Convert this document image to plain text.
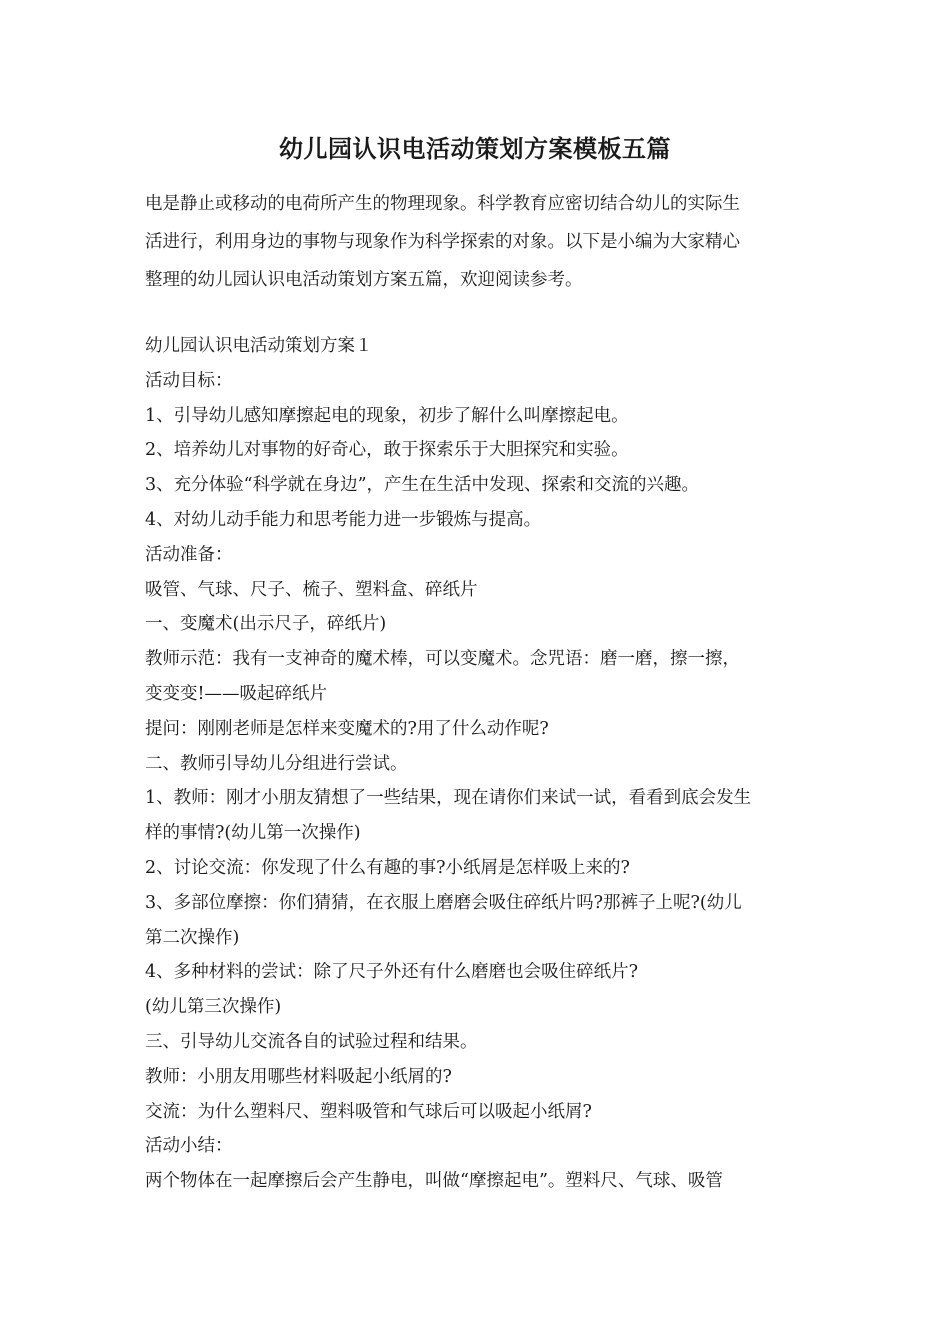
幼儿园认识电活动策划方案模板五篇
电是静止或移动的电荷所产生的物理现象。科学教育应密切结合幼儿的实际生
活进行，利用身边的事物与现象作为科学探索的对象。以下是小编为大家精心
整理的幼儿园认识电活动策划方案五篇，欢迎阅读参考。
幼儿园认识电活动策划方案１
活动目标：
1、引导幼儿感知摩擦起电的现象，初步了解什么叫摩擦起电。
2、培养幼儿对事物的好奇心，敢于探索乐于大胆探究和实验。
3、充分体验“科学就在身边”，产生在生活中发现、探索和交流的兴趣。
4、对幼儿动手能力和思考能力进一步锻炼与提高。
活动准备：
吸管、气球、尺子、梳子、塑料盒、碎纸片
一、变魔术(出示尺子，碎纸片)
教师示范：我有一支神奇的魔术棒，可以变魔术。念咒语：磨一磨，擦一擦，
变变变!——吸起碎纸片
提问：刚刚老师是怎样来变魔术的?用了什么动作呢?
二、教师引导幼儿分组进行尝试。
1、教师：刚才小朋友猜想了一些结果，现在请你们来试一试，看看到底会发生
样的事情?(幼儿第一次操作)
2、讨论交流：你发现了什么有趣的事?小纸屑是怎样吸上来的?
3、多部位摩擦：你们猜猜，在衣服上磨磨会吸住碎纸片吗?那裤子上呢?(幼儿
第二次操作)
4、多种材料的尝试：除了尺子外还有什么磨磨也会吸住碎纸片?
(幼儿第三次操作)
三、引导幼儿交流各自的试验过程和结果。
教师：小朋友用哪些材料吸起小纸屑的?
交流：为什么塑料尺、塑料吸管和气球后可以吸起小纸屑?
活动小结：
两个物体在一起摩擦后会产生静电，叫做“摩擦起电”。塑料尺、气球、吸管
